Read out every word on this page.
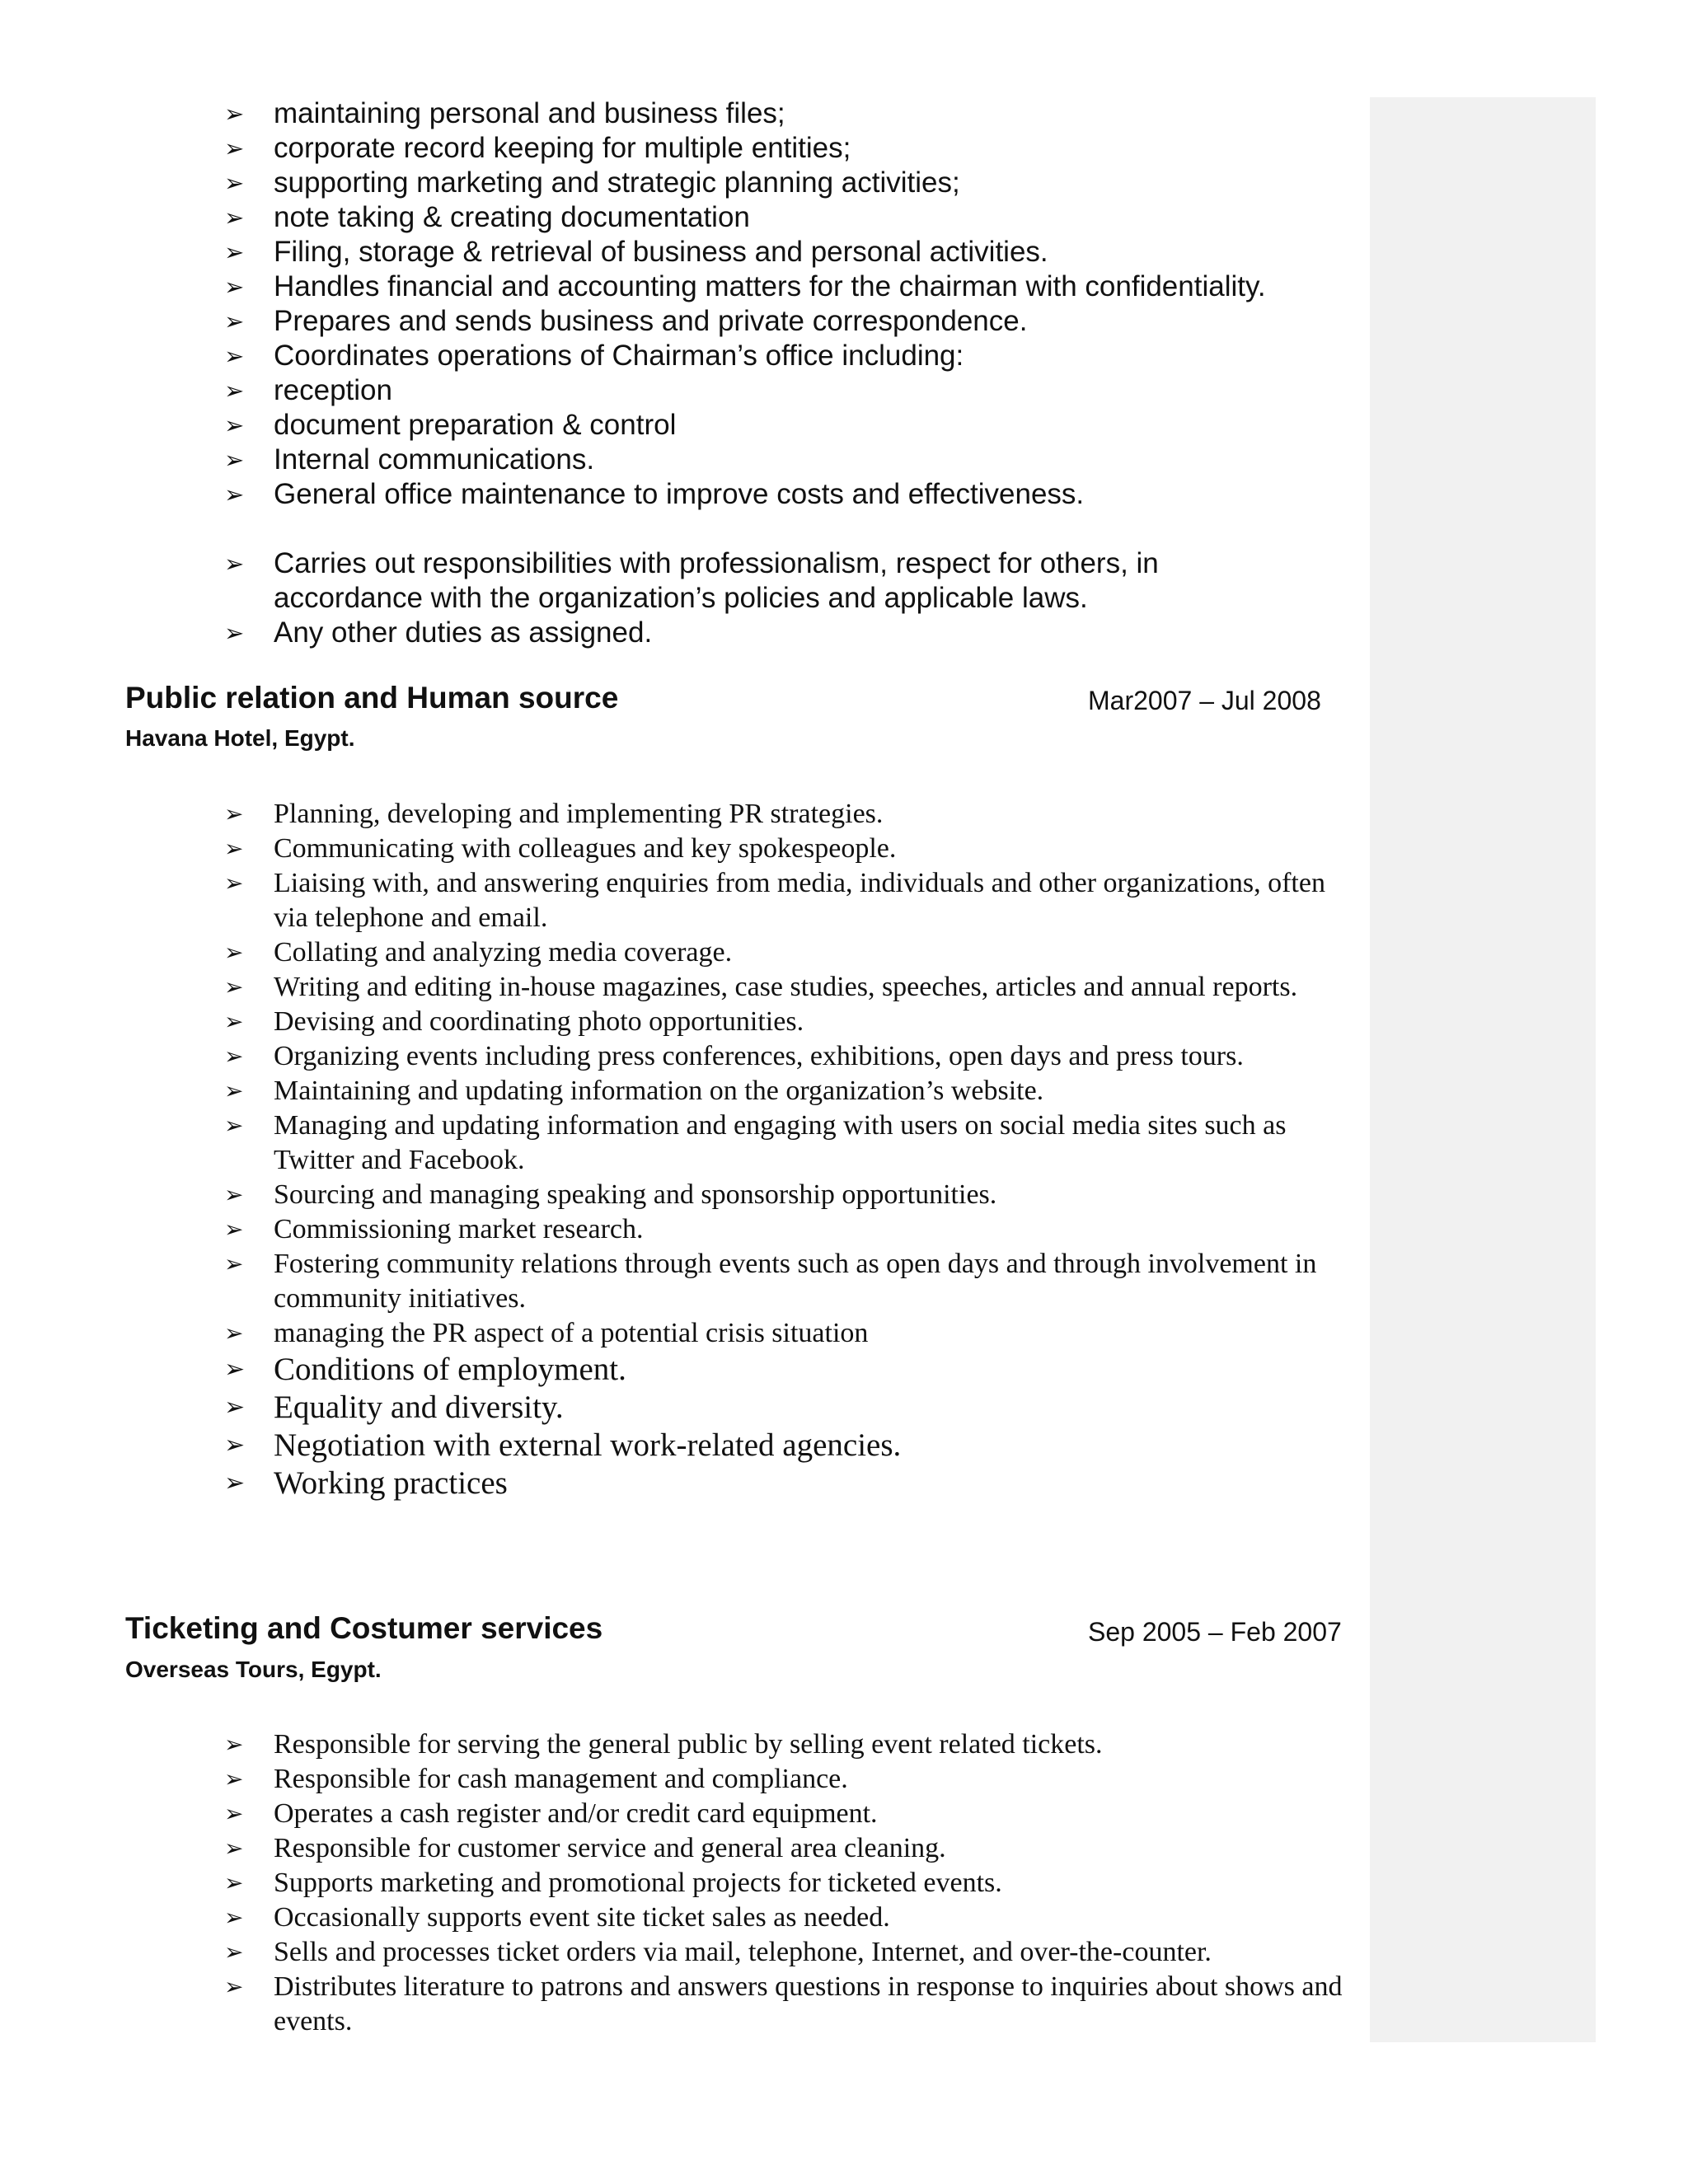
➢ maintaining personal and business files;
➢ corporate record keeping for multiple entities;
➢ supporting marketing and strategic planning activities;
➢ note taking & creating documentation
➢ Filing, storage & retrieval of business and personal activities.
➢ Handles financial and accounting matters for the chairman with confidentiality.
➢ Prepares and sends business and private correspondence.
➢ Coordinates operations of Chairman’s office including:
➢ reception
➢ document preparation & control
➢ Internal communications.
➢ General office maintenance to improve costs and effectiveness.
➢ Carries out responsibilities with professionalism, respect for others, in accordance with the organization’s policies and applicable laws.
➢ Any other duties as assigned.
Public relation and Human source	Mar2007 – Jul 2008
Havana Hotel, Egypt.
➢ Planning, developing and implementing PR strategies.
➢ Communicating with colleagues and key spokespeople.
➢ Liaising with, and answering enquiries from media, individuals and other organizations, often via telephone and email.
➢ Collating and analyzing media coverage.
➢ Writing and editing in-house magazines, case studies, speeches, articles and annual reports.
➢ Devising and coordinating photo opportunities.
➢ Organizing events including press conferences, exhibitions, open days and press tours.
➢ Maintaining and updating information on the organization’s website.
➢ Managing and updating information and engaging with users on social media sites such as Twitter and Facebook.
➢ Sourcing and managing speaking and sponsorship opportunities.
➢ Commissioning market research.
➢ Fostering community relations through events such as open days and through involvement in community initiatives.
➢ managing the PR aspect of a potential crisis situation
➢ Conditions of employment.
➢ Equality and diversity.
➢ Negotiation with external work-related agencies.
➢ Working practices
Ticketing and Costumer services	Sep 2005 – Feb 2007
Overseas Tours, Egypt.
➢ Responsible for serving the general public by selling event related tickets.
➢ Responsible for cash management and compliance.
➢ Operates a cash register and/or credit card equipment.
➢ Responsible for customer service and general area cleaning.
➢ Supports marketing and promotional projects for ticketed events.
➢ Occasionally supports event site ticket sales as needed.
➢ Sells and processes ticket orders via mail, telephone, Internet, and over-the-counter.
➢ Distributes literature to patrons and answers questions in response to inquiries about shows and events.
